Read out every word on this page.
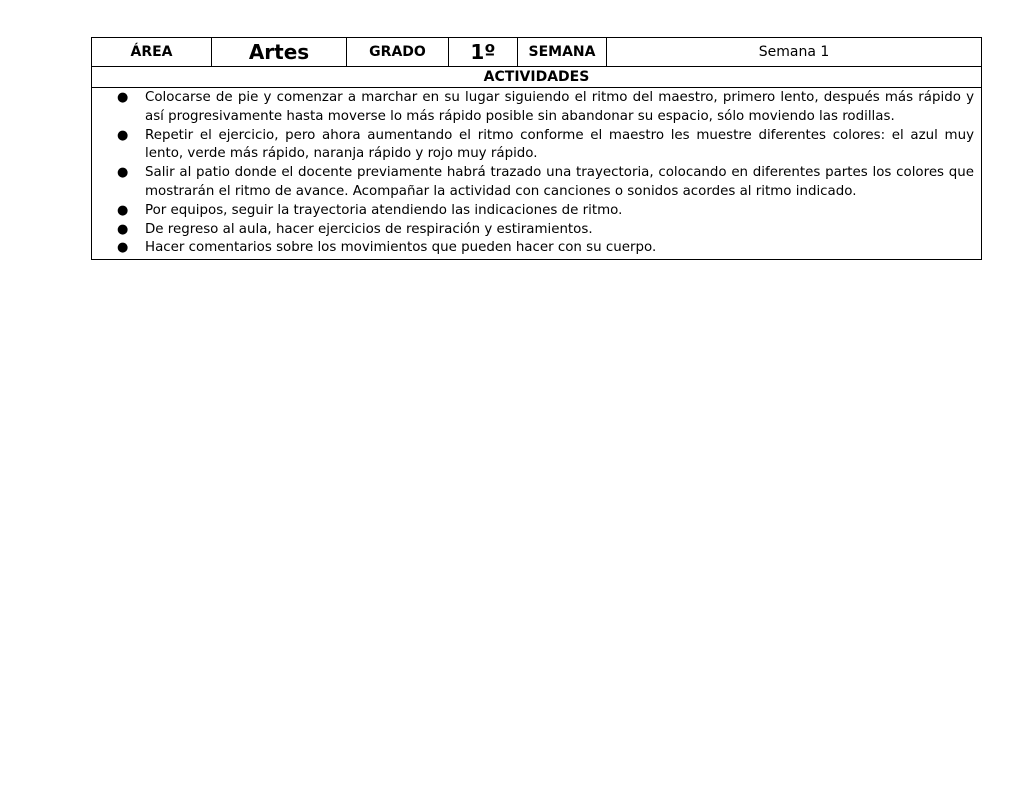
ÁREA	Artes	GRADO	1º	SEMANA	Semana 1
ACTIVIDADES

● Colocarse de pie y comenzar a marchar en su lugar siguiendo el ritmo del maestro, primero lento, después más rápido y así progresivamente hasta moverse lo más rápido posible sin abandonar su espacio, sólo moviendo las rodillas.
● Repetir el ejercicio, pero ahora aumentando el ritmo conforme el maestro les muestre diferentes colores: el azul muy lento, verde más rápido, naranja rápido y rojo muy rápido.
● Salir al patio donde el docente previamente habrá trazado una trayectoria, colocando en diferentes partes los colores que mostrarán el ritmo de avance. Acompañar la actividad con canciones o sonidos acordes al ritmo indicado.
● Por equipos, seguir la trayectoria atendiendo las indicaciones de ritmo.
● De regreso al aula, hacer ejercicios de respiración y estiramientos.
● Hacer comentarios sobre los movimientos que pueden hacer con su cuerpo.
